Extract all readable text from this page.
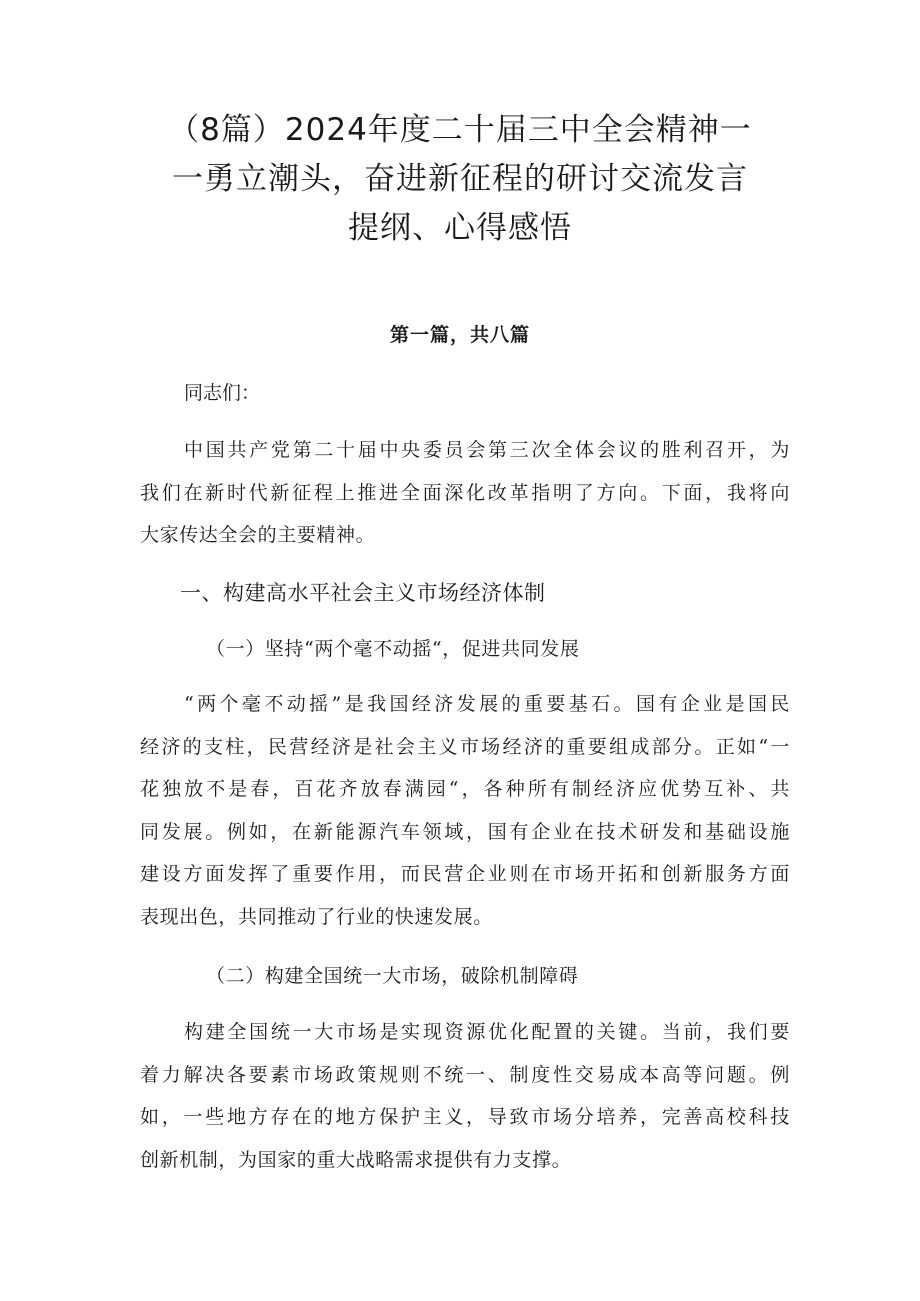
（8篇）2024年度二十届三中全会精神一
一勇立潮头，奋进新征程的研讨交流发言
提纲、心得感悟
第一篇，共八篇

同志们：

中国共产党第二十届中央委员会第三次全体会议的胜利召开，为
我们在新时代新征程上推进全面深化改革指明了方向。下面，我将向
大家传达全会的主要精神。

一、构建高水平社会主义市场经济体制
（一）坚持“两个毫不动摇“，促进共同发展

“两个毫不动摇”是我国经济发展的重要基石。国有企业是国民
经济的支柱，民营经济是社会主义市场经济的重要组成部分。正如“一
花独放不是春，百花齐放春满园“，各种所有制经济应优势互补、共
同发展。例如，在新能源汽车领域，国有企业在技术研发和基础设施
建设方面发挥了重要作用，而民营企业则在市场开拓和创新服务方面
表现出色，共同推动了行业的快速发展。

（二）构建全国统一大市场，破除机制障碍

构建全国统一大市场是实现资源优化配置的关键。当前，我们要
着力解决各要素市场政策规则不统一、制度性交易成本高等问题。例
如，一些地方存在的地方保护主义，导致市场分培养，完善高校科技
创新机制，为国家的重大战略需求提供有力支撑。
